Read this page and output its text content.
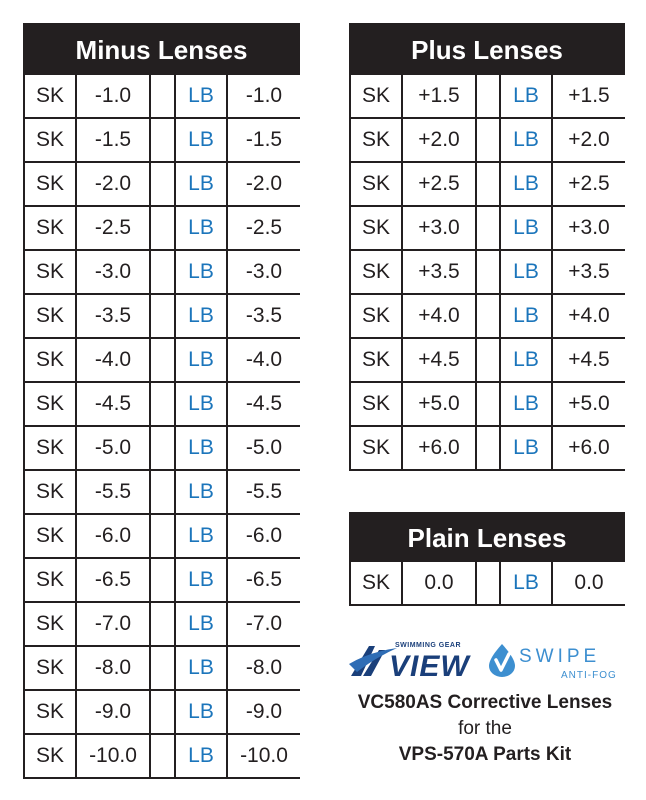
Minus Lenses
SK	-1.0	LB	-1.0
SK	-1.5	LB	-1.5
SK	-2.0	LB	-2.0
SK	-2.5	LB	-2.5
SK	-3.0	LB	-3.0
SK	-3.5	LB	-3.5
SK	-4.0	LB	-4.0
SK	-4.5	LB	-4.5
SK	-5.0	LB	-5.0
SK	-5.5	LB	-5.5
SK	-6.0	LB	-6.0
SK	-6.5	LB	-6.5
SK	-7.0	LB	-7.0
SK	-8.0	LB	-8.0
SK	-9.0	LB	-9.0
SK	-10.0	LB	-10.0
Plus Lenses
SK	+1.5	LB	+1.5
SK	+2.0	LB	+2.0
SK	+2.5	LB	+2.5
SK	+3.0	LB	+3.0
SK	+3.5	LB	+3.5
SK	+4.0	LB	+4.0
SK	+4.5	LB	+4.5
SK	+5.0	LB	+5.0
SK	+6.0	LB	+6.0
Plain Lenses
SK	0.0	LB	0.0
SWIMMING GEAR
VIEW	SWIPE
ANTI-FOG
VC580AS Corrective Lenses
for the
VPS-570A Parts Kit
